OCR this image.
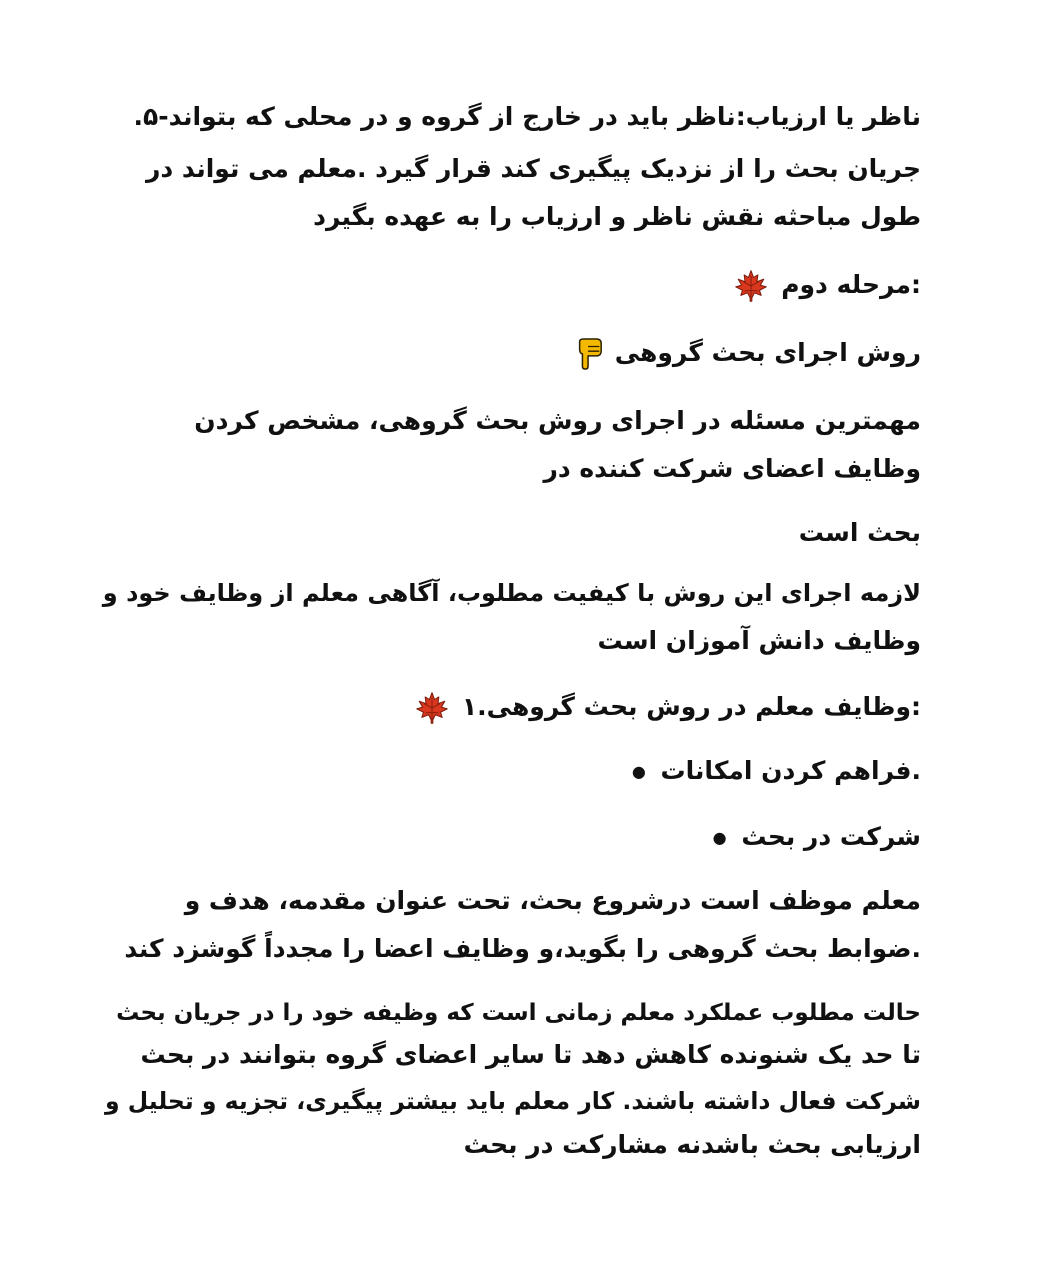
ناظر یا ارزیاب:ناظر باید در خارج از گروه و در محلی که بتواند-۵.
جریان بحث را از نزدیک پیگیری کند قرار گیرد .معلم می تواند در
طول مباحثه نقش ناظر و ارزیاب را به عهده بگیرد
:مرحله دوم
روش اجرای بحث گروهی
مهمترین مسئله در اجرای روش بحث گروهی، مشخص کردن
وظایف اعضای شرکت کننده در
بحث است
لازمه اجرای این روش با کیفیت مطلوب، آگاهی معلم از وظایف خود و
وظایف دانش آموزان است
:وظایف معلم در روش بحث گروهی.۱
.فراهم کردن امکانات ●
شرکت در بحث ●
معلم موظف است درشروع بحث، تحت عنوان مقدمه، هدف و
.ضوابط بحث گروهی را بگوید،و وظایف اعضا را مجدداً گوشزد کند
حالت مطلوب عملکرد معلم زمانی است که وظیفه خود را در جریان بحث
تا حد یک شنونده کاهش دهد تا سایر اعضای گروه بتوانند در بحث
شرکت فعال داشته باشند. کار معلم باید بیشتر پیگیری، تجزیه و تحلیل و
ارزیابی بحث باشدنه مشارکت در بحث
